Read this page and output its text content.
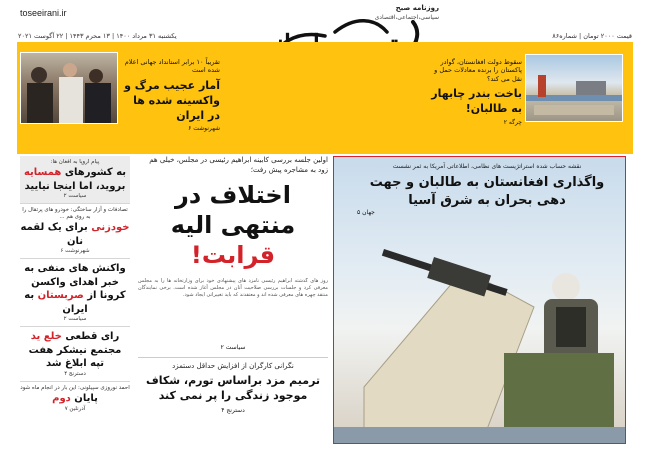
قیمت ۲۰۰۰ تومان | شماره۸۶
یکشنبه ۳۱ مرداد ۱۴۰۰ | ۱۳ محرم ۱۴۴۳ | ۲۲ آگوست ۲۰۲۱
toseeirani.ir	روزنامه صبح
سیاسی،اجتماعی،اقتصادی
سقوط دولت افغانستان، گوادر پاکستان را برنده معادلات حمل و نقل می کند؟
باخت بندر چابهار به طالبان!
چرگه ۲
تقریباً ۱۰ برابر استانداد جهانی اعلام شده است
آمار عجیب مرگ و واکسینه شده ها در ایران
شهرنوشت ۶
پیام اروپا به افغان ها:
به کشورهای همسایه بروید، اما اینجا نیایید
سیاست ۲
تصادفات و آزار ساختگی: خودرو های پرتقال را به روی هم ...
خودزنی برای یک لقمه نان
شهرنوشت ۶
واکنش های منفی به خبر اهدای واکسن کرونا از صربستان به ایران
سیاست ۲
رای قطعی خلع ید مجتمع نیشکر هفت تپه ابلاغ شد
دسترنج ۴
احمد نوروزی سپیلونی: این بار در انجام ماه شود
پایان دوم
آدرنلین ۷
اولین جلسه بررسی کابینه ابراهیم رئیسی در مجلس، خیلی هم زود به مشاجره پیش رفت؛
اختلاف در
منتهی الیه قرابت!
روز های گذشته ابراهیم رئیسی نامزد های پیشنهادی خود برای وزارتخانه ها را به مجلس معرفی کرد و جلسات بررسی صلاحیت آنان در مجلس آغاز شده است. برخی نمایندگان منتقد چهره های معرفی شده اند و معتقدند که باید تغییراتی ایجاد شود.
سیاست ۲
نگرانی کارگران از افزایش حداقل دستمزد
ترمیم مزد براساس تورم، شکاف موجود زندگی را پر نمی کند
دسترنج ۴
نقشه حساب شده استراتژیست های نظامی، اطلاعاتی آمریکا به ثمر نشست
واگذاری افغانستان به طالبان و جهت دهی بحران به شرق آسیا
جهان ۵
